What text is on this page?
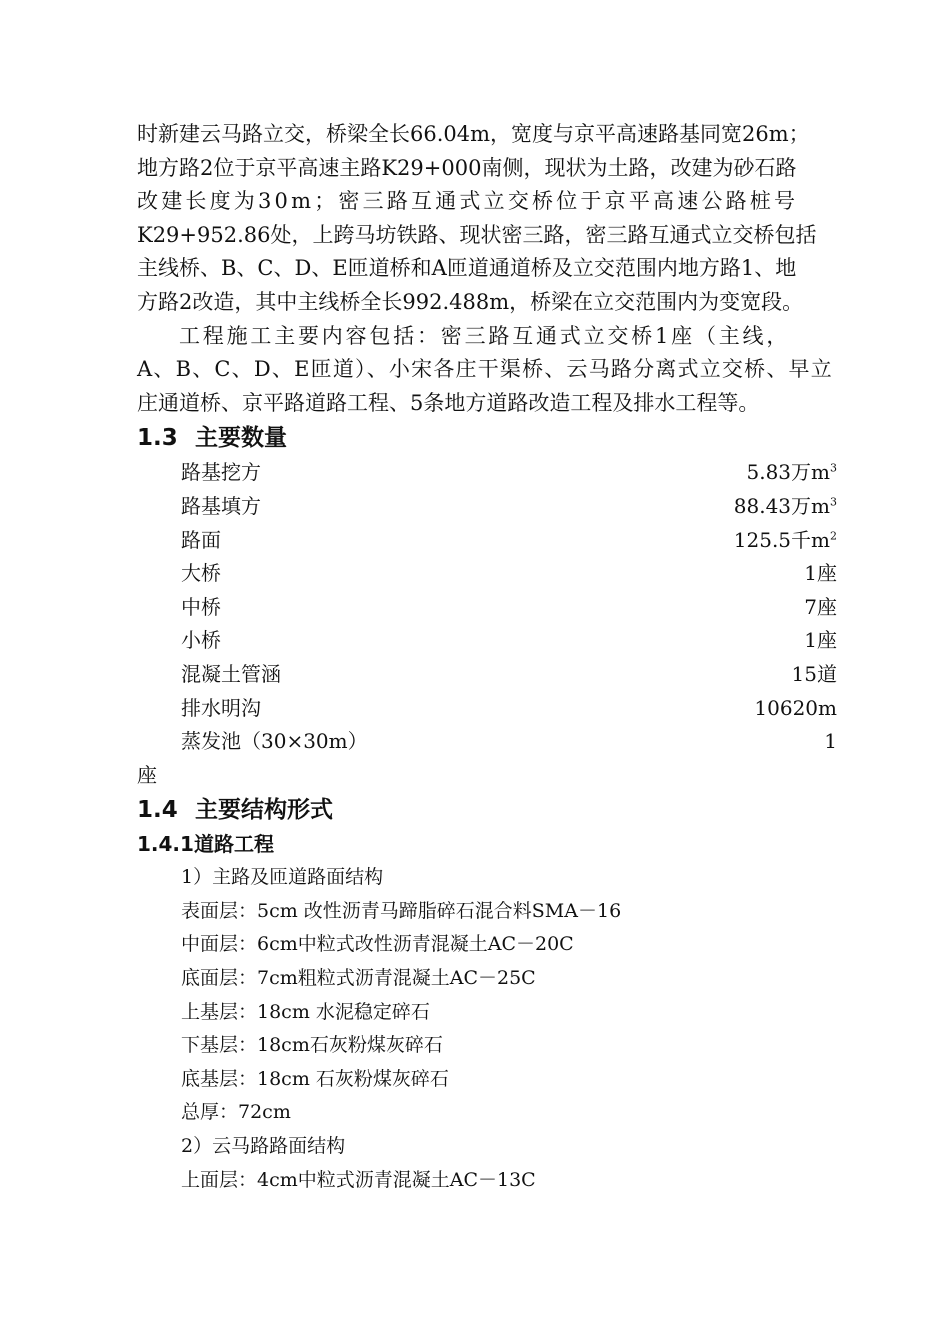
时新建云马路立交，桥梁全长66.04m，宽度与京平高速路基同宽26m；
地方路2位于京平高速主路K29+000南侧，现状为土路，改建为砂石路
改建长度为30m；密三路互通式立交桥位于京平高速公路桩号
K29+952.86处，上跨马坊铁路、现状密三路，密三路互通式立交桥包括
主线桥、B、C、D、E匝道桥和A匝道通道桥及立交范围内地方路1、地
方路2改造，其中主线桥全长992.488m，桥梁在立交范围内为变宽段。

工程施工主要内容包括：密三路互通式立交桥1座（主线，
A、B、C、D、E匝道）、小宋各庄干渠桥、云马路分离式立交桥、早立
庄通道桥、京平路道路工程、5条地方道路改造工程及排水工程等。

1.3 主要数量
路基挖方	5.83万$m^3$
路基填方	88.43万$m^3$
路面	125.5千$m^2$
大桥	1座
中桥	7座
小桥	1座
混凝土管涵	15道
排水明沟	10620m
蒸发池（30×30m）	1
座
1.4 主要结构形式
1.4.1道路工程
1）主路及匝道路面结构
表面层：5cm 改性沥青马蹄脂碎石混合料SMA－16
中面层：6cm中粒式改性沥青混凝土AC－20C
底面层：7cm粗粒式沥青混凝土AC－25C
上基层：18cm 水泥稳定碎石
下基层：18cm石灰粉煤灰碎石
底基层：18cm 石灰粉煤灰碎石
总厚：72cm
2）云马路路面结构
上面层：4cm中粒式沥青混凝土AC－13C
